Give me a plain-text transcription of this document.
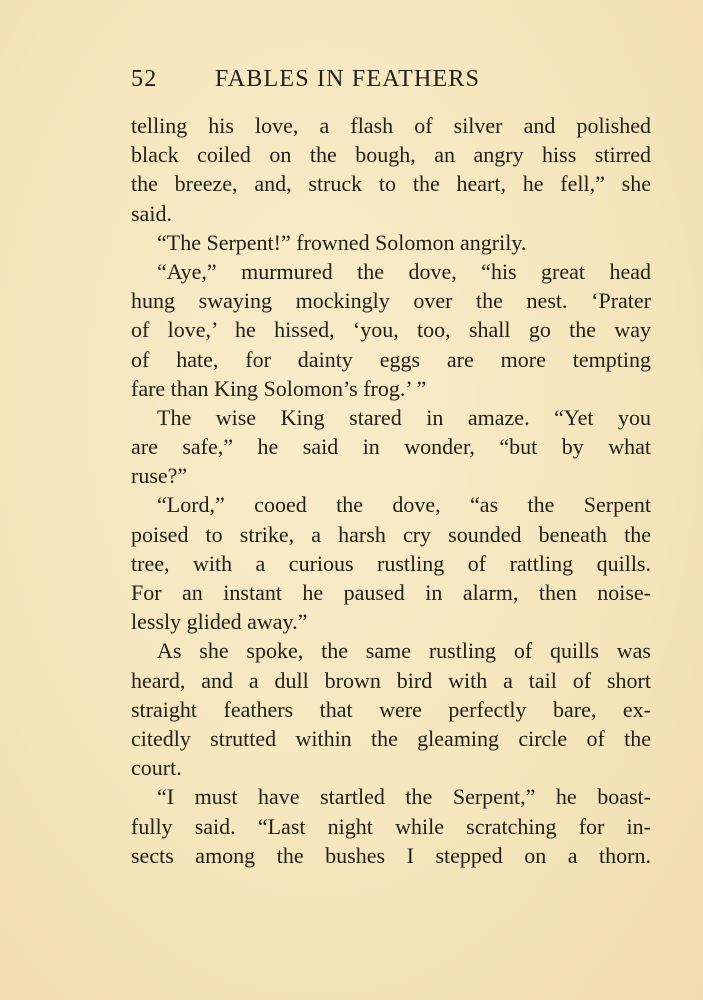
52 FABLES IN FEATHERS
telling his love, a flash of silver and polished
black coiled on the bough, an angry hiss stirred
the breeze, and, struck to the heart, he fell,” she
said.
“The Serpent!” frowned Solomon angrily.
“Aye,” murmured the dove, “his great head
hung swaying mockingly over the nest. ‘Prater
of love,’ he hissed, ‘you, too, shall go the way
of hate, for dainty eggs are more tempting
fare than King Solomon’s frog.’ ”
The wise King stared in amaze. “Yet you
are safe,” he said in wonder, “but by what
ruse?”
“Lord,” cooed the dove, “as the Serpent
poised to strike, a harsh cry sounded beneath the
tree, with a curious rustling of rattling quills.
For an instant he paused in alarm, then noise-
lessly glided away.”
As she spoke, the same rustling of quills was
heard, and a dull brown bird with a tail of short
straight feathers that were perfectly bare, ex-
citedly strutted within the gleaming circle of the
court.
“I must have startled the Serpent,” he boast-
fully said. “Last night while scratching for in-
sects among the bushes I stepped on a thorn.
